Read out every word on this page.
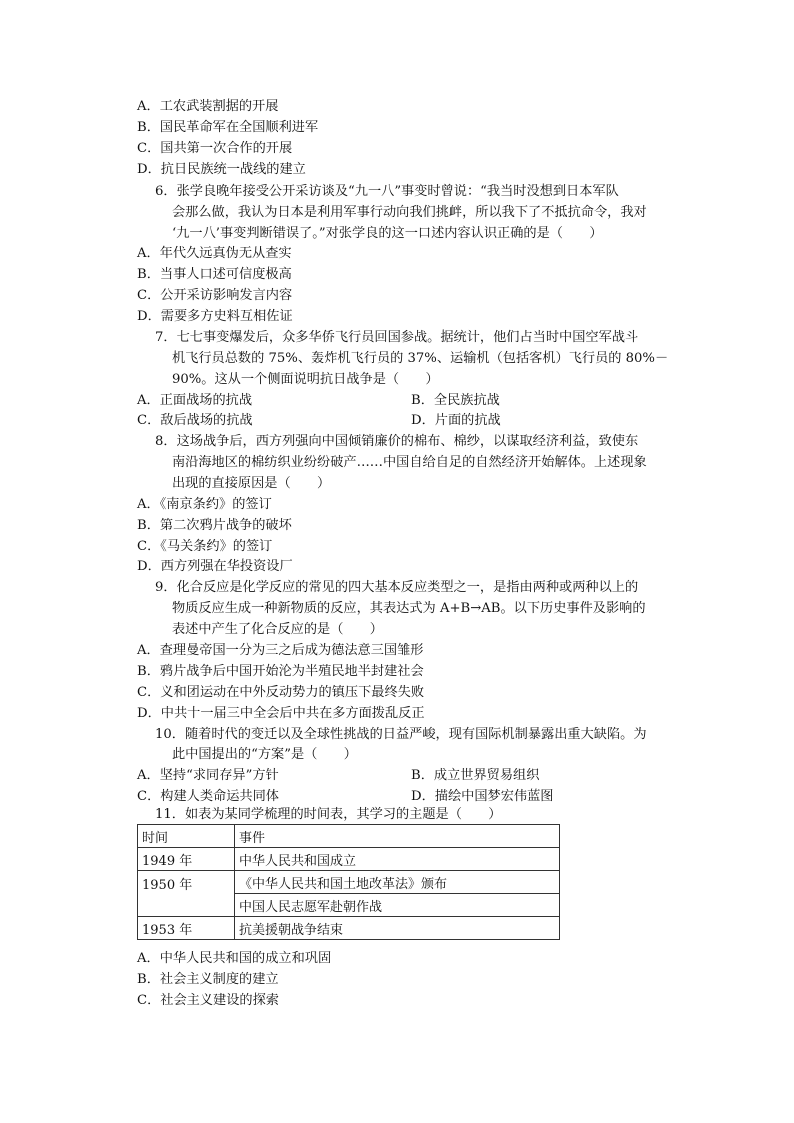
A．工农武装割据的开展
B．国民革命军在全国顺利进军
C．国共第一次合作的开展
D．抗日民族统一战线的建立
6．张学良晚年接受公开采访谈及“九一八”事变时曾说：“我当时没想到日本军队
会那么做，我认为日本是利用军事行动向我们挑衅，所以我下了不抵抗命令，我对
‘九一八’事变判断错误了。”对张学良的这一口述内容认识正确的是（　　）
A．年代久远真伪无从查实
B．当事人口述可信度极高
C．公开采访影响发言内容
D．需要多方史料互相佐证
7．七七事变爆发后，众多华侨飞行员回国参战。据统计，他们占当时中国空军战斗
机飞行员总数的 75%、轰炸机飞行员的 37%、运输机（包括客机）飞行员的 80%－
90%。这从一个侧面说明抗日战争是（　　）
A．正面战场的抗战	B．全民族抗战
C．敌后战场的抗战	D．片面的抗战
8．这场战争后，西方列强向中国倾销廉价的棉布、棉纱，以谋取经济利益，致使东
南沿海地区的棉纺织业纷纷破产……中国自给自足的自然经济开始解体。上述现象
出现的直接原因是（　　）
A．《南京条约》的签订
B．第二次鸦片战争的破坏
C．《马关条约》的签订
D．西方列强在华投资设厂
9．化合反应是化学反应的常见的四大基本反应类型之一，是指由两种或两种以上的
物质反应生成一种新物质的反应，其表达式为 A+B→AB。以下历史事件及影响的
表述中产生了化合反应的是（　　）
A．查理曼帝国一分为三之后成为德法意三国雏形
B．鸦片战争后中国开始沦为半殖民地半封建社会
C．义和团运动在中外反动势力的镇压下最终失败
D．中共十一届三中全会后中共在多方面拨乱反正
10．随着时代的变迁以及全球性挑战的日益严峻，现有国际机制暴露出重大缺陷。为
此中国提出的“方案”是（　　）
A．坚持“求同存异”方针	B．成立世界贸易组织
C．构建人类命运共同体	D．描绘中国梦宏伟蓝图
11．如表为某同学梳理的时间表，其学习的主题是（　　）
时间	事件
1949 年	中华人民共和国成立
1950 年	《中华人民共和国土地改革法》颁布
	中国人民志愿军赴朝作战
1953 年	抗美援朝战争结束
A．中华人民共和国的成立和巩固
B．社会主义制度的建立
C．社会主义建设的探索
